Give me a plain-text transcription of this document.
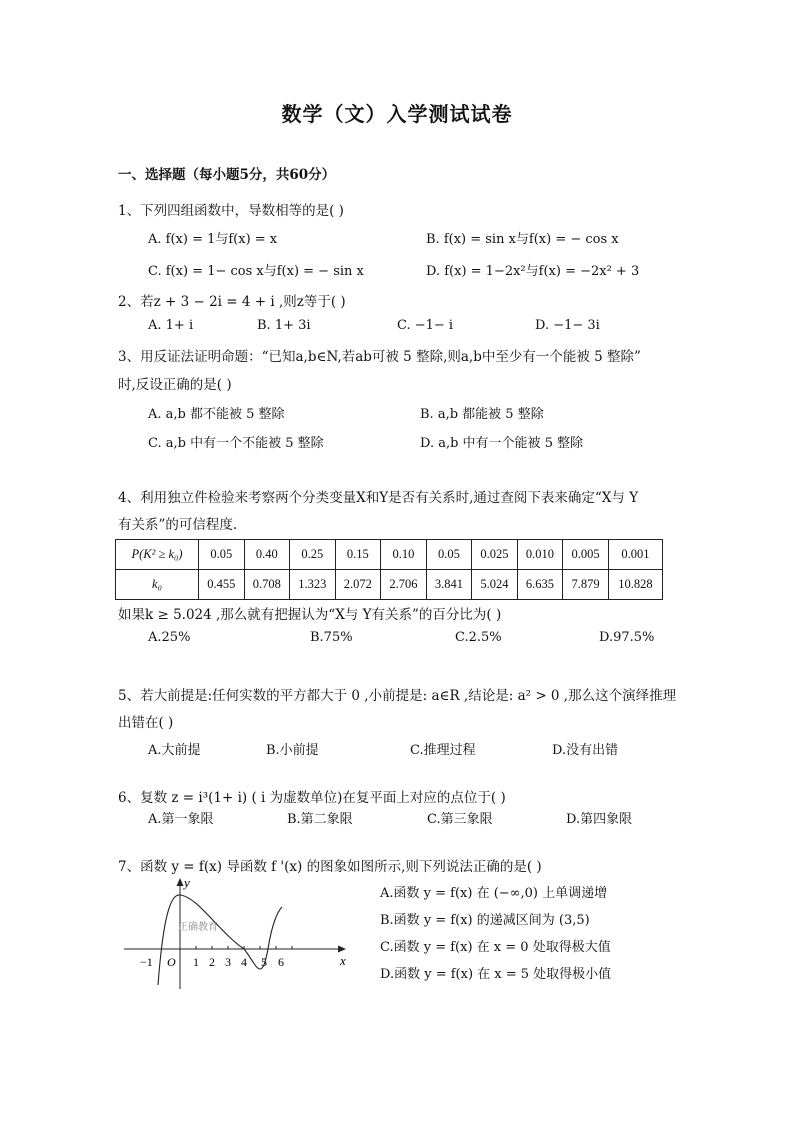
数学（文）入学测试试卷
一、选择题（每小题5分，共60分）
1、下列四组函数中，导数相等的是( )
A. f(x) = 1与f(x) = x	B. f(x) = sin x与f(x) = − cos x
C. f(x) = 1− cos x与f(x) = − sin x	D. f(x) = 1−2x²与f(x) = −2x² + 3
2、若z + 3 − 2i = 4 + i ,则z等于( )
A. 1+ i	B. 1+ 3i	C. −1− i	D. −1− 3i
3、用反证法证明命题：“已知a,b∈N,若ab可被 5 整除,则a,b中至少有一个能被 5 整除”
时,反设正确的是( )
A. a,b 都不能被 5 整除	B. a,b 都能被 5 整除
C. a,b 中有一个不能被 5 整除	D. a,b 中有一个能被 5 整除
4、利用独立件检验来考察两个分类变量X和Y是否有关系时,通过查阅下表来确定“X与 Y
有关系”的可信程度.
P(K² ≥ k₀)	0.05	0.40	0.25	0.15	0.10	0.05	0.025	0.010	0.005	0.001
k₀	0.455	0.708	1.323	2.072	2.706	3.841	5.024	6.635	7.879	10.828
如果k ≥ 5.024 ,那么就有把握认为“X与 Y有关系”的百分比为( )
A.25%	B.75%	C.2.5%	D.97.5%
5、若大前提是:任何实数的平方都大于 0 ,小前提是: a∈R ,结论是: a² > 0 ,那么这个演绎推理
出错在( )
A.大前提	B.小前提	C.推理过程	D.没有出错
6、复数 z = i³(1+ i) ( i 为虚数单位)在复平面上对应的点位于( )
A.第一象限	B.第二象限	C.第三象限	D.第四象限
7、函数 y = f(x) 导函数 f '(x) 的图象如图所示,则下列说法正确的是( )
A.函数 y = f(x) 在 (−∞,0) 上单调递增
B.函数 y = f(x) 的递减区间为 (3,5)
C.函数 y = f(x) 在 x = 0 处取得极大值
D.函数 y = f(x) 在 x = 5 处取得极小值
y
x
O
−1	1 2 3 4 5 6
正确教育
